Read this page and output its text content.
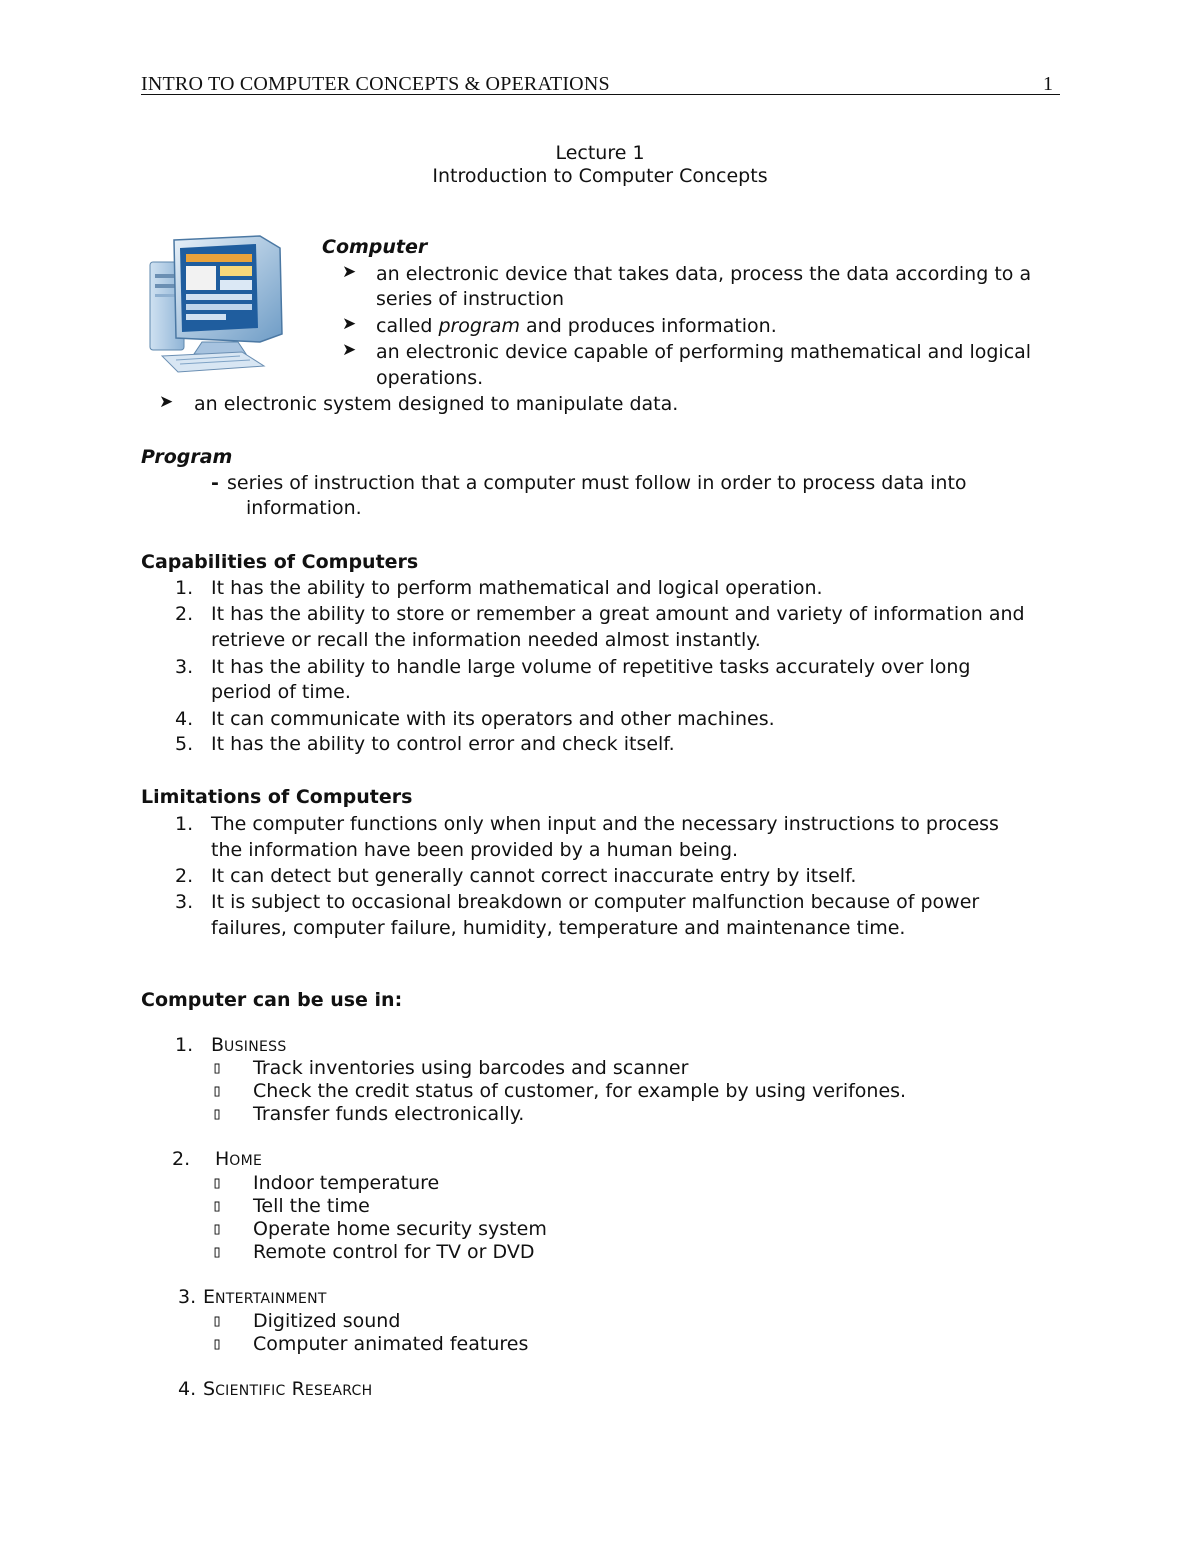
INTRO TO COMPUTER CONCEPTS & OPERATIONS	1
Lecture 1
Introduction to Computer Concepts
Computer
➤ an electronic device that takes data, process the data according to a
series of instruction
➤ called program and produces information.
➤ an electronic device capable of performing mathematical and logical
operations.
➤ an electronic system designed to manipulate data.
Program
- series of instruction that a computer must follow in order to process data into
information.
Capabilities of Computers
1. It has the ability to perform mathematical and logical operation.
2. It has the ability to store or remember a great amount and variety of information and
retrieve or recall the information needed almost instantly.
3. It has the ability to handle large volume of repetitive tasks accurately over long
period of time.
4. It can communicate with its operators and other machines.
5. It has the ability to control error and check itself.
Limitations of Computers
1. The computer functions only when input and the necessary instructions to process
the information have been provided by a human being.
2. It can detect but generally cannot correct inaccurate entry by itself.
3. It is subject to occasional breakdown or computer malfunction because of power
failures, computer failure, humidity, temperature and maintenance time.
Computer can be use in:
1. BUSINESS
▯ Track inventories using barcodes and scanner
▯ Check the credit status of customer, for example by using verifones.
▯ Transfer funds electronically.
2. HOME
▯ Indoor temperature
▯ Tell the time
▯ Operate home security system
▯ Remote control for TV or DVD
3. ENTERTAINMENT
▯ Digitized sound
▯ Computer animated features
4. SCIENTIFIC RESEARCH
